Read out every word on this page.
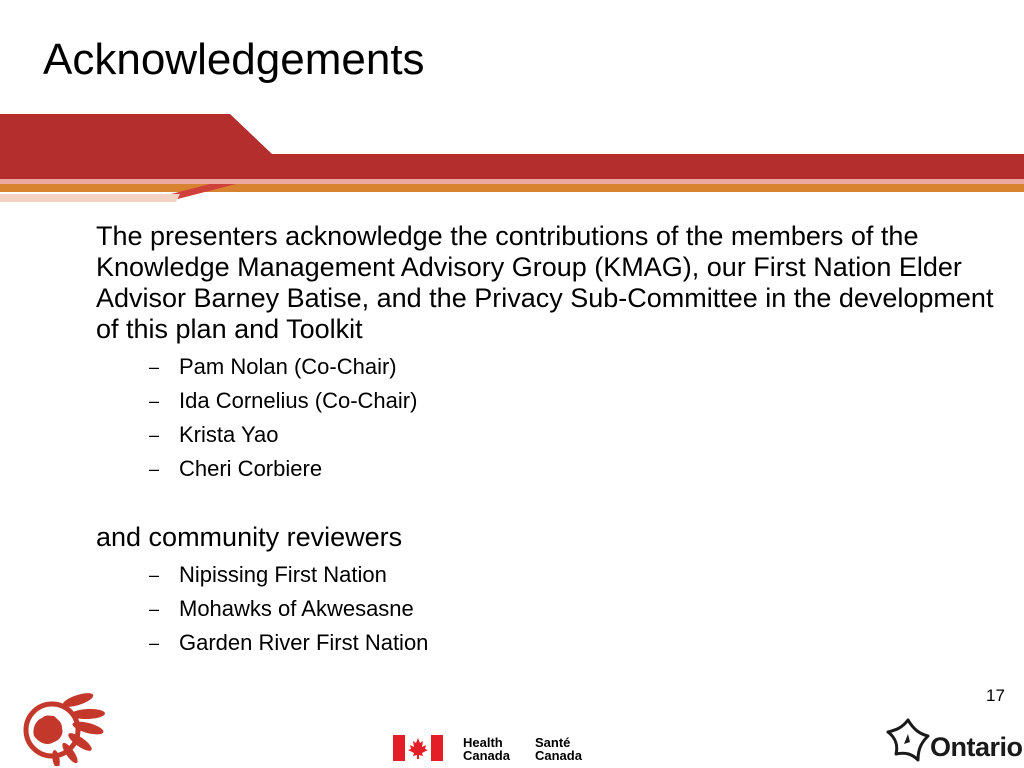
Acknowledgements

The presenters acknowledge the contributions of the members of the Knowledge Management Advisory Group (KMAG), our First Nation Elder Advisor Barney Batise, and the Privacy Sub-Committee in the development of this plan and Toolkit

– Pam Nolan (Co-Chair)
– Ida Cornelius (Co-Chair)
– Krista Yao
– Cheri Corbiere

and community reviewers

– Nipissing First Nation
– Mohawks of Akwesasne
– Garden River First Nation
17
Health
Canada
Santé
Canada	Ontario
